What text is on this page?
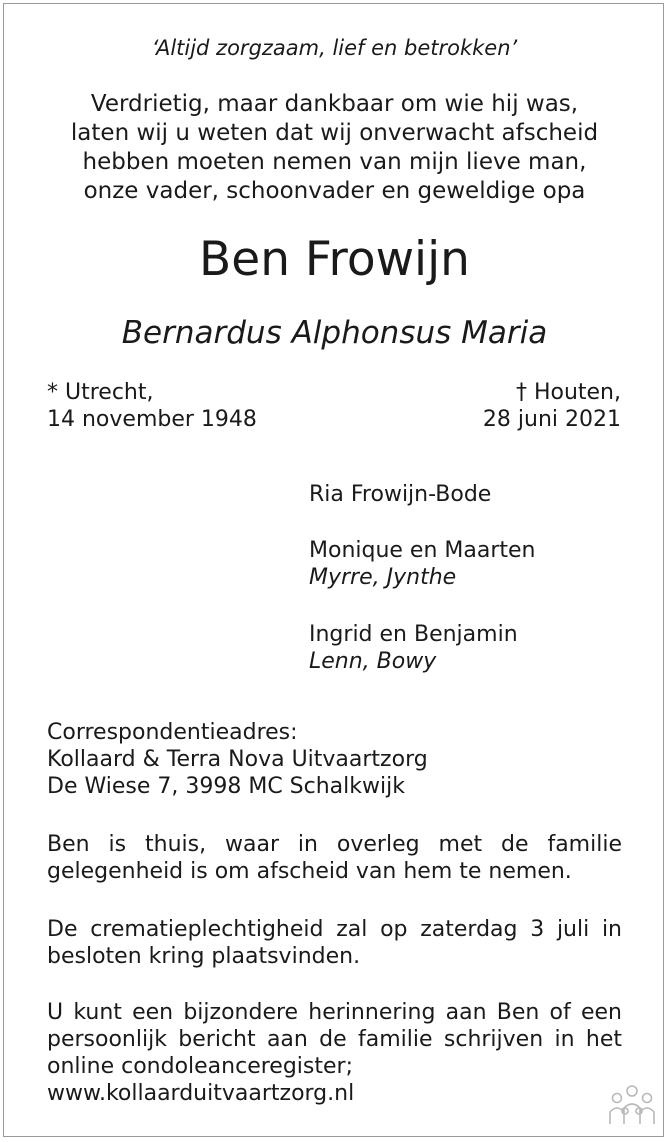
‘Altijd zorgzaam, lief en betrokken’
Verdrietig, maar dankbaar om wie hij was,
laten wij u weten dat wij onverwacht afscheid
hebben moeten nemen van mijn lieve man,
onze vader, schoonvader en geweldige opa
Ben Frowijn
Bernardus Alphonsus Maria
* Utrecht,
14 november 1948
† Houten,
28 juni 2021
Ria Frowijn-Bode
Monique en Maarten
Myrre, Jynthe
Ingrid en Benjamin
Lenn, Bowy
Correspondentieadres:
Kollaard & Terra Nova Uitvaartzorg
De Wiese 7, 3998 MC Schalkwijk
Ben is thuis, waar in overleg met de familie gelegenheid is om afscheid van hem te nemen.
De crematieplechtigheid zal op zaterdag 3 juli in besloten kring plaatsvinden.
U kunt een bijzondere herinnering aan Ben of een persoonlijk bericht aan de familie schrijven in het online condoleanceregister;
www.kollaarduitvaartzorg.nl
